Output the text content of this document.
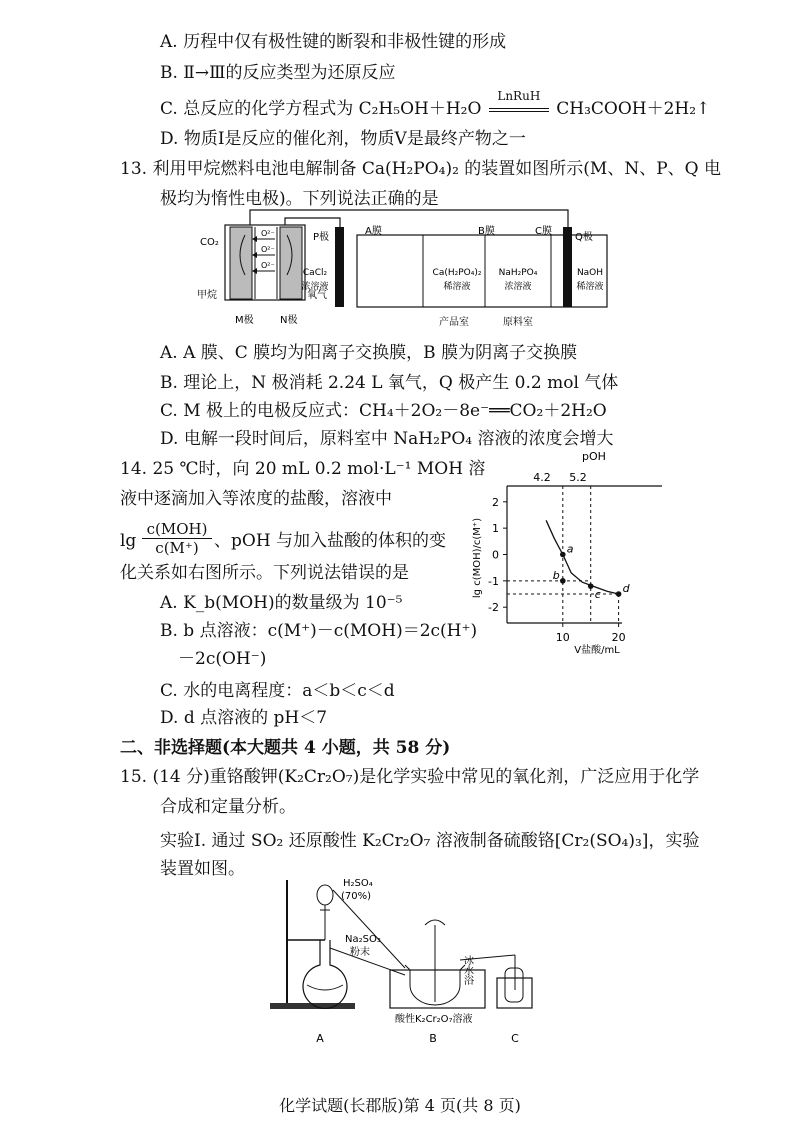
A. 历程中仅有极性键的断裂和非极性键的形成
B. Ⅱ→Ⅲ的反应类型为还原反应
C. 总反应的化学方程式为 C₂H₅OH＋H₂O
LnRuH
CH₃COOH＋2H₂↑
D. 物质Ⅰ是反应的催化剂，物质Ⅴ是最终产物之一
13. 利用甲烷燃料电池电解制备 Ca(H₂PO₄)₂ 的装置如图所示(M、N、P、Q 电
极均为惰性电极)。下列说法正确的是
O²⁻
O²⁻
O²⁻
CO₂
甲烷	氧气
M极	N极
P极
A膜	B膜	C膜
Q极
CaCl₂
浓溶液
Ca(H₂PO₄)₂
稀溶液
NaH₂PO₄
浓溶液
NaOH
稀溶液
产品室	原料室
A. A 膜、C 膜均为阳离子交换膜，B 膜为阴离子交换膜
B. 理论上，N 极消耗 2.24 L 氧气，Q 极产生 0.2 mol 气体
C. M 极上的电极反应式：CH₄＋2O₂－8e⁻══CO₂＋2H₂O
D. 电解一段时间后，原料室中 NaH₂PO₄ 溶液的浓度会增大
14. 25 ℃时，向 20 mL 0.2 mol·L⁻¹ MOH 溶
液中逐滴加入等浓度的盐酸，溶液中
lg
c(MOH)
c(M⁺) 、pOH 与加入盐酸的体积的变
化关系如右图所示。下列说法错误的是
A. K_b(MOH)的数量级为 10⁻⁵
B. b 点溶液：c(M⁺)－c(MOH)＝2c(H⁺)
－2c(OH⁻)
C. 水的电离程度：a＜b＜c＜d
D. d 点溶液的 pH＜7
pOH
4.2 5.2
lg c(MOH)/c(M⁺)
V盐酸/mL
2
1
0
-1
-2
10	20
a
b
c d
二、非选择题(本大题共 4 小题，共 58 分)
15. (14 分)重铬酸钾(K₂Cr₂O₇)是化学实验中常见的氧化剂，广泛应用于化学
合成和定量分析。
实验Ⅰ. 通过 SO₂ 还原酸性 K₂Cr₂O₇ 溶液制备硫酸铬[Cr₂(SO₄)₃]，实验
装置如图。
H₂SO₄
(70%)
Na₂SO₃
粉末
冰水浴
酸性K₂Cr₂O₇溶液
A	B	C
化学试题(长郡版)第 4 页(共 8 页)
